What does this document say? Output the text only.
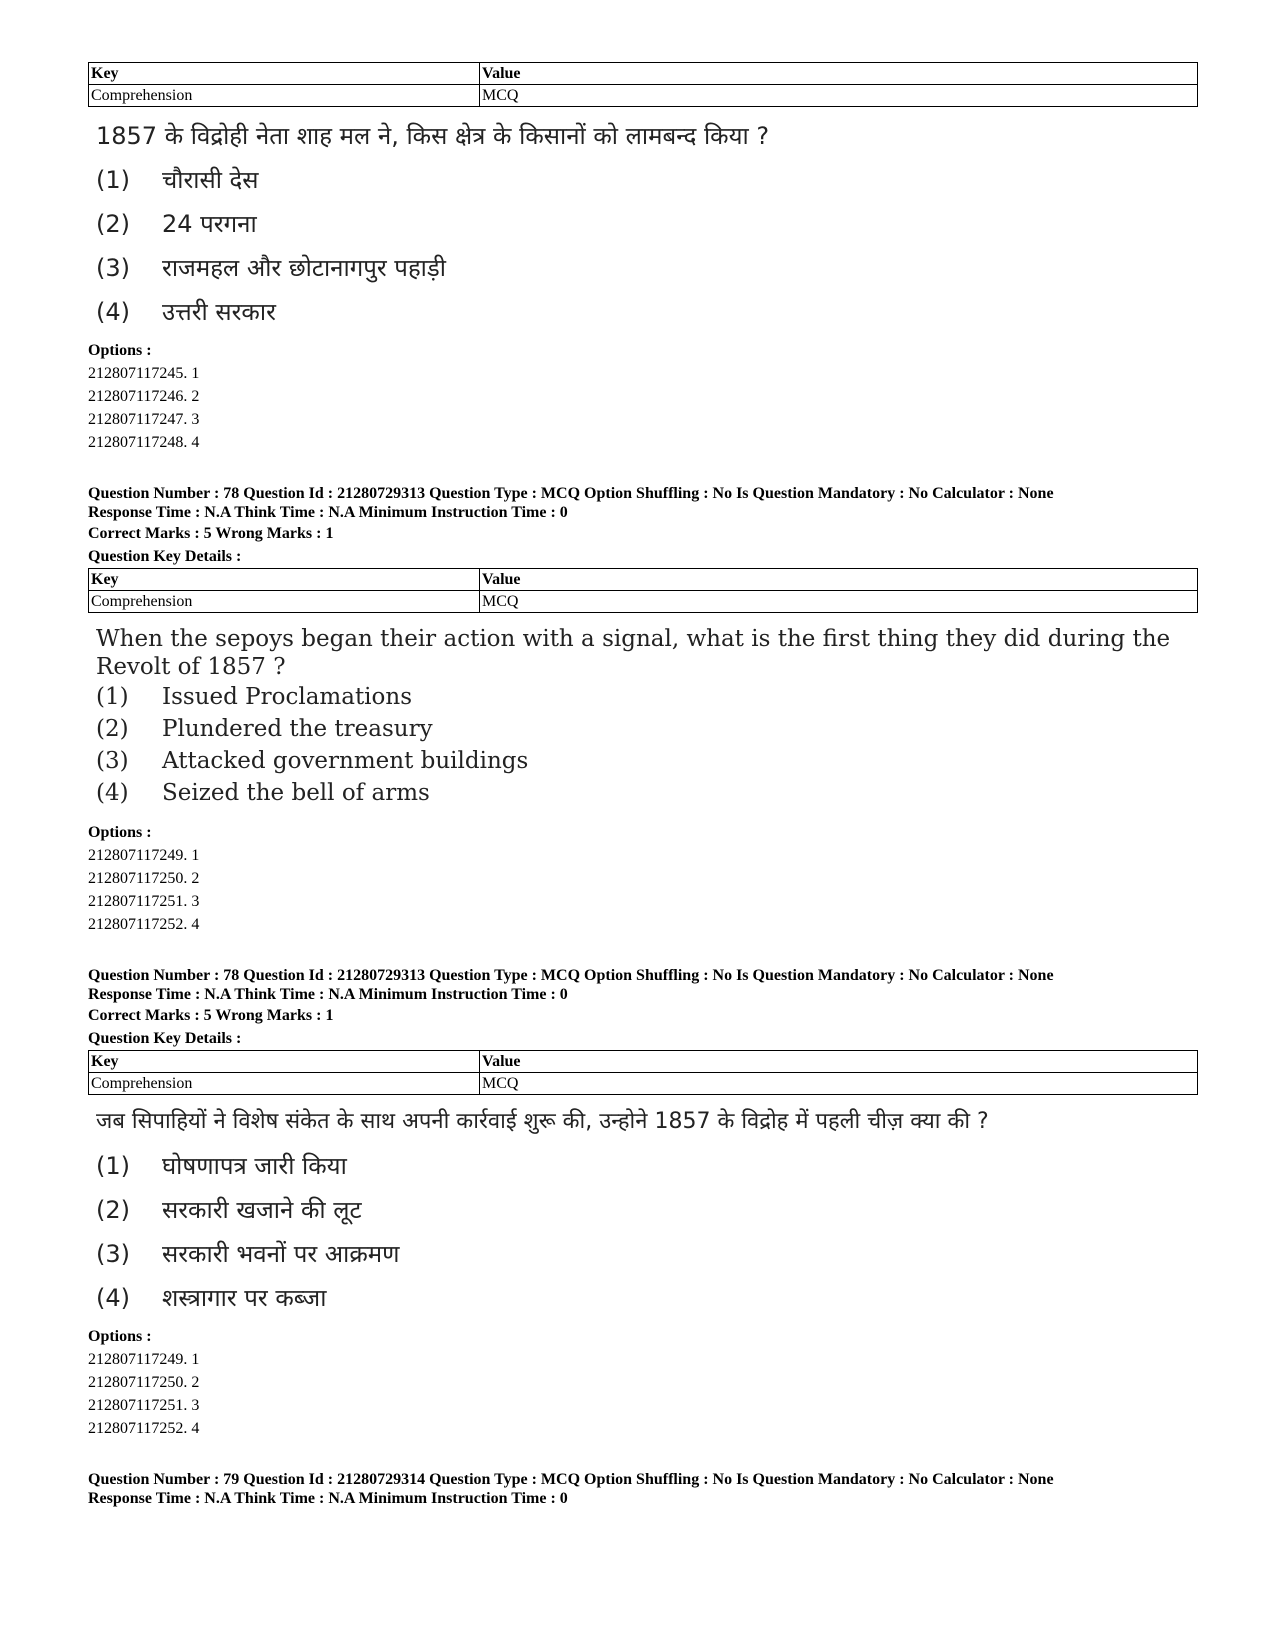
Key	Value
Comprehension	MCQ
1857 के विद्रोही नेता शाह मल ने, किस क्षेत्र के किसानों को लामबन्द किया ?
(1)	चौरासी देस
(2)	24 परगना
(3)	राजमहल और छोटानागपुर पहाड़ी
(4)	उत्तरी सरकार
Options :
212807117245. 1
212807117246. 2
212807117247. 3
212807117248. 4
Question Number : 78 Question Id : 21280729313 Question Type : MCQ Option Shuffling : No Is Question Mandatory : No Calculator : None
Response Time : N.A Think Time : N.A Minimum Instruction Time : 0
Correct Marks : 5 Wrong Marks : 1
Question Key Details :
Key	Value
Comprehension	MCQ
When the sepoys began their action with a signal, what is the first thing they did during the Revolt of 1857 ?
(1)	Issued Proclamations
(2)	Plundered the treasury
(3)	Attacked government buildings
(4)	Seized the bell of arms
Options :
212807117249. 1
212807117250. 2
212807117251. 3
212807117252. 4
Question Number : 78 Question Id : 21280729313 Question Type : MCQ Option Shuffling : No Is Question Mandatory : No Calculator : None
Response Time : N.A Think Time : N.A Minimum Instruction Time : 0
Correct Marks : 5 Wrong Marks : 1
Question Key Details :
Key	Value
Comprehension	MCQ
जब सिपाहियों ने विशेष संकेत के साथ अपनी कार्रवाई शुरू की, उन्होने 1857 के विद्रोह में पहली चीज़ क्या की ?
(1)	घोषणापत्र जारी किया
(2)	सरकारी खजाने की लूट
(3)	सरकारी भवनों पर आक्रमण
(4)	शस्त्रागार पर कब्जा
Options :
212807117249. 1
212807117250. 2
212807117251. 3
212807117252. 4
Question Number : 79 Question Id : 21280729314 Question Type : MCQ Option Shuffling : No Is Question Mandatory : No Calculator : None
Response Time : N.A Think Time : N.A Minimum Instruction Time : 0
